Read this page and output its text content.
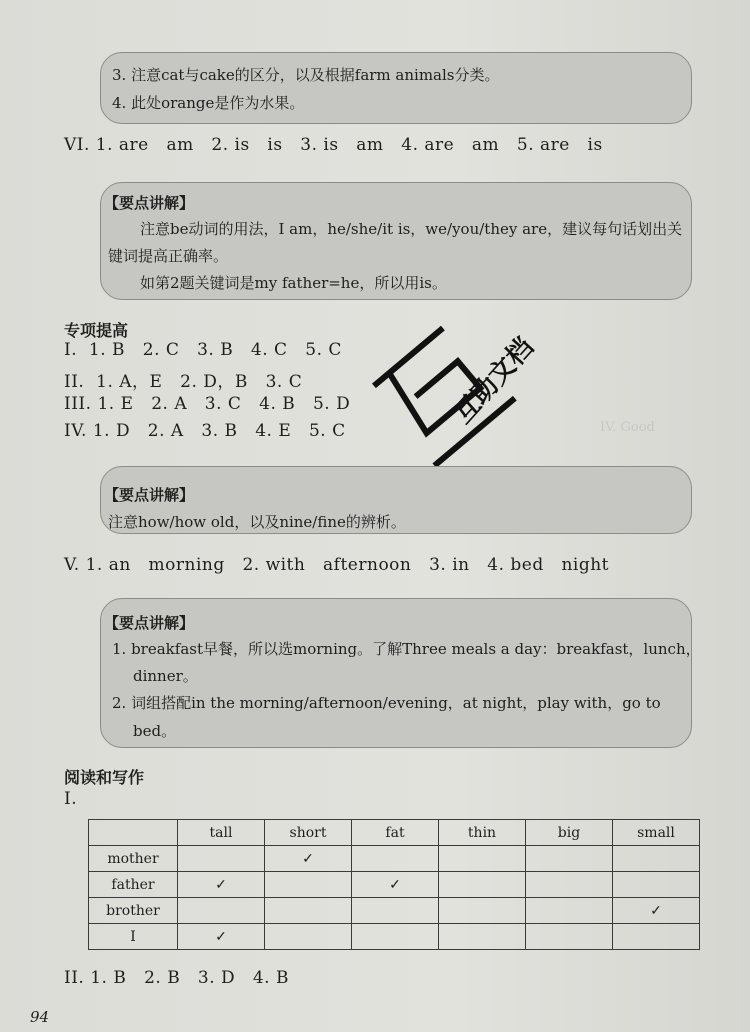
IV. Good
3. 注意cat与cake的区分，以及根据farm animals分类。
4. 此处orange是作为水果。
VI. 1. are   am   2. is   is   3. is   am   4. are   am   5. are   is
【要点讲解】
注意be动词的用法，I am，he/she/it is，we/you/they are，建议每句话划出关
键词提高正确率。
如第2题关键词是my father=he，所以用is。
专项提高
I.  1. B   2. C   3. B   4. C   5. C
II.  1. A，E   2. D，B   3. C
III. 1. E   2. A   3. C   4. B   5. D
IV. 1. D   2. A   3. B   4. E   5. C
互助文档
【要点讲解】
注意how/how old，以及nine/fine的辨析。
V. 1. an   morning   2. with   afternoon   3. in   4. bed   night
【要点讲解】
1. breakfast早餐，所以选morning。了解Three meals a day：breakfast，lunch，
dinner。
2. 词组搭配in the morning/afternoon/evening，at night，play with，go to
bed。
阅读和写作
I.
	tall	short	fat	thin	big	small
mother		✓				
father	✓		✓			
brother						✓
I	✓					
II. 1. B   2. B   3. D   4. B
94
